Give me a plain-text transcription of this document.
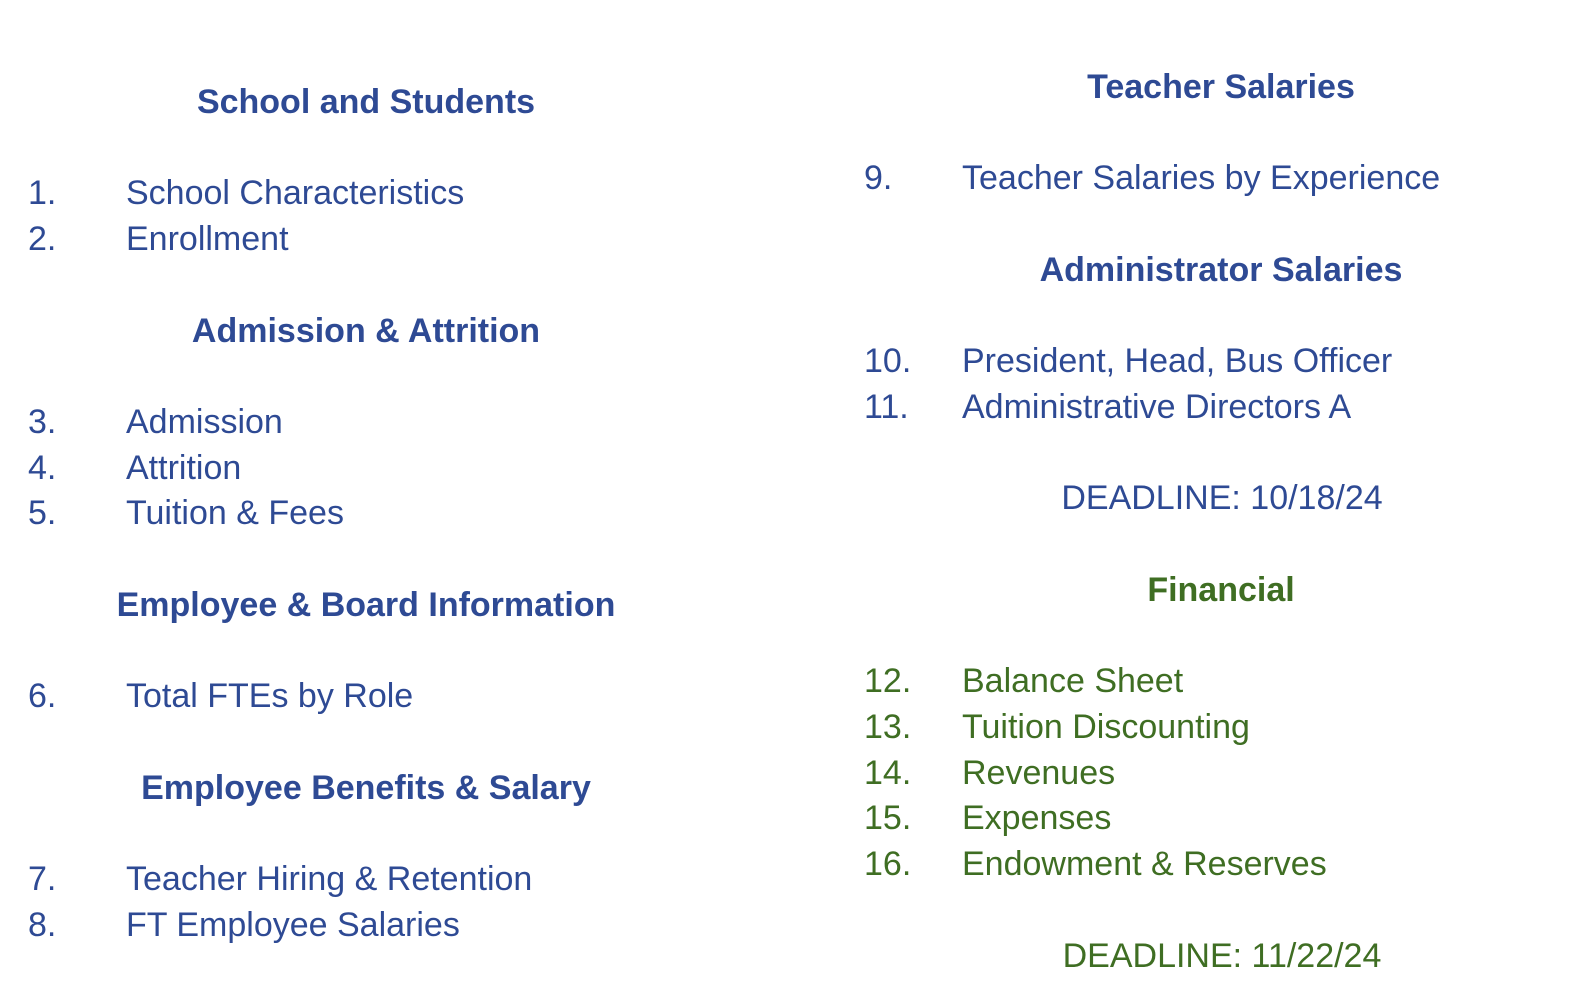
School and Students
1. School Characteristics
2. Enrollment
Admission & Attrition
3. Admission
4. Attrition
5. Tuition & Fees
Employee & Board Information
6. Total FTEs by Role
Employee Benefits & Salary
7. Teacher Hiring & Retention
8. FT Employee Salaries
Teacher Salaries
9. Teacher Salaries by Experience
Administrator Salaries
10. President, Head, Bus Officer
11. Administrative Directors A
DEADLINE: 10/18/24
Financial
12. Balance Sheet
13. Tuition Discounting
14. Revenues
15. Expenses
16. Endowment & Reserves
DEADLINE: 11/22/24
